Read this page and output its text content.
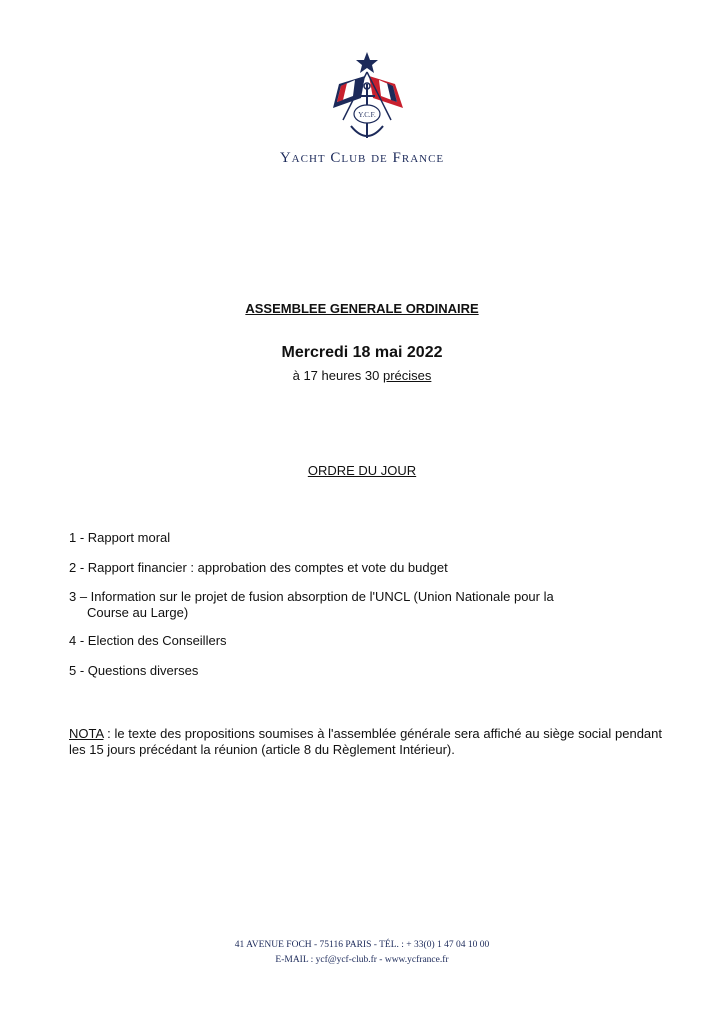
Y.C.F.
Yacht Club de France
ASSEMBLEE GENERALE ORDINAIRE
Mercredi 18 mai 2022
à 17 heures 30 précises
ORDRE DU JOUR
1 - Rapport moral
2 - Rapport financier : approbation des comptes et vote du budget
3 – Information sur le projet de fusion absorption de l'UNCL (Union Nationale pour la
Course au Large)
4 - Election des Conseillers
5 - Questions diverses
NOTA : le texte des propositions soumises à l'assemblée générale sera affiché au siège social pendant les 15 jours précédant la réunion (article 8 du Règlement Intérieur).
41 AVENUE FOCH - 75116 PARIS - TÉL. : + 33(0) 1 47 04 10 00
E-MAIL : ycf@ycf-club.fr - www.ycfrance.fr
